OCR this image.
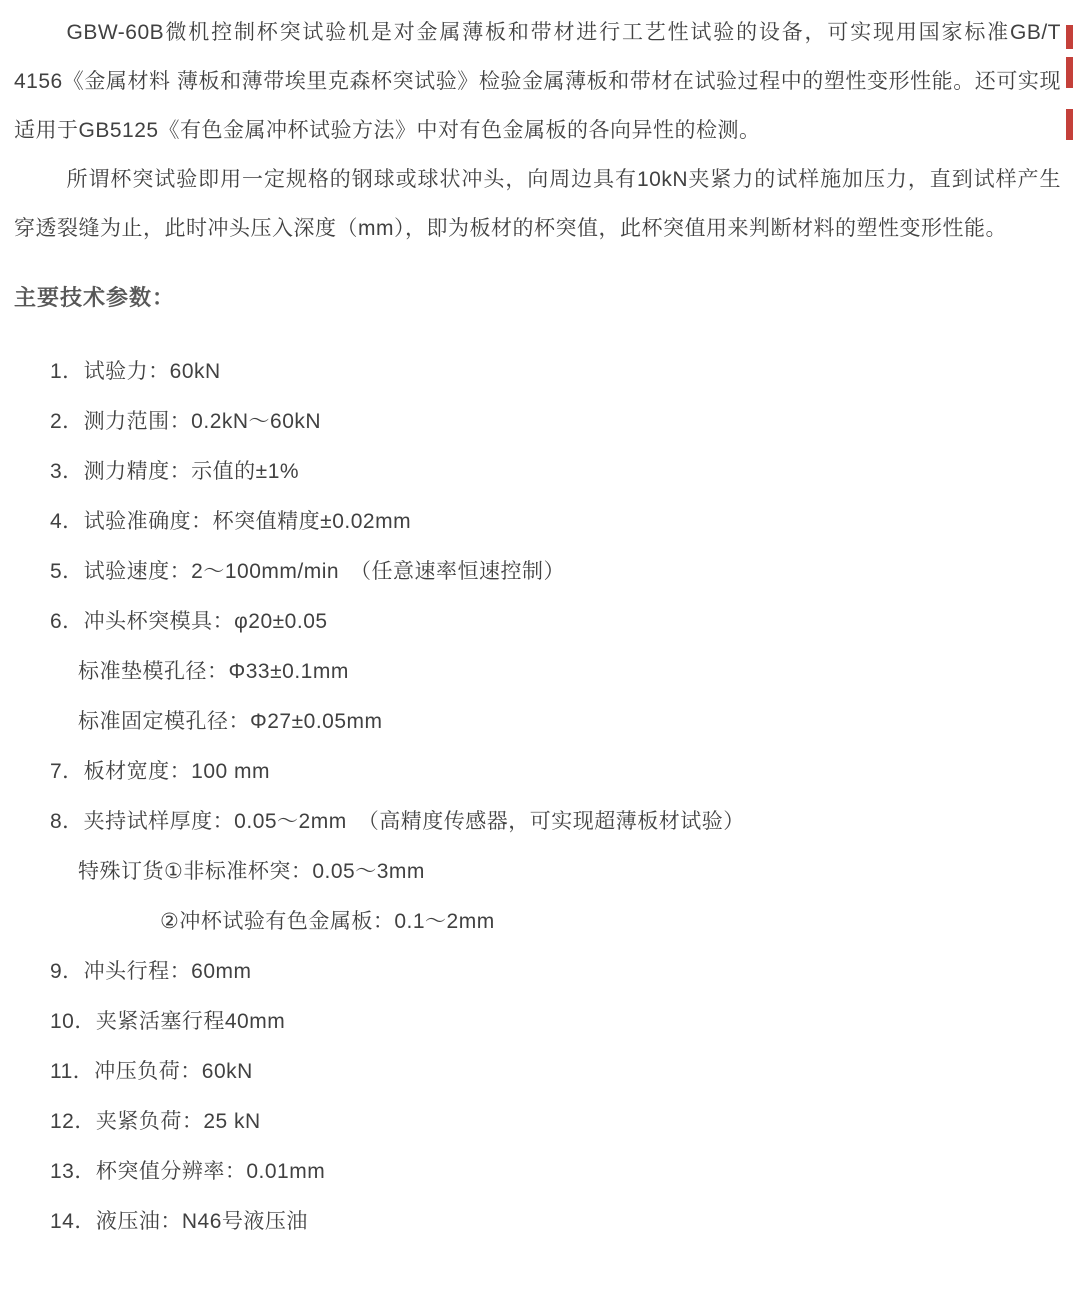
GBW-60B微机控制杯突试验机是对金属薄板和带材进行工艺性试验的设备，可实现用国家标准GB/T 4156《金属材料 薄板和薄带埃里克森杯突试验》检验金属薄板和带材在试验过程中的塑性变形性能。还可实现适用于GB5125《有色金属冲杯试验方法》中对有色金属板的各向异性的检测。

所谓杯突试验即用一定规格的钢球或球状冲头，向周边具有10kN夹紧力的试样施加压力，直到试样产生穿透裂缝为止，此时冲头压入深度（mm），即为板材的杯突值，此杯突值用来判断材料的塑性变形性能。

主要技术参数：
1．试验力：60kN
2．测力范围：0.2kN～60kN
3．测力精度：示值的±1%
4．试验准确度：杯突值精度±0.02mm
5．试验速度：2～100mm/min　（任意速率恒速控制）
6．冲头杯突模具：φ20±0.05
标准垫模孔径：Φ33±0.1mm
标准固定模孔径：Φ27±0.05mm
7．板材宽度：100 mm
8．夹持试样厚度：0.05～2mm　（高精度传感器，可实现超薄板材试验）
特殊订货①非标准杯突：0.05～3mm
②冲杯试验有色金属板：0.1～2mm
9．冲头行程：60mm
10．夹紧活塞行程40mm
11．冲压负荷：60kN
12．夹紧负荷：25 kN
13．杯突值分辨率：0.01mm
14．液压油：N46号液压油
